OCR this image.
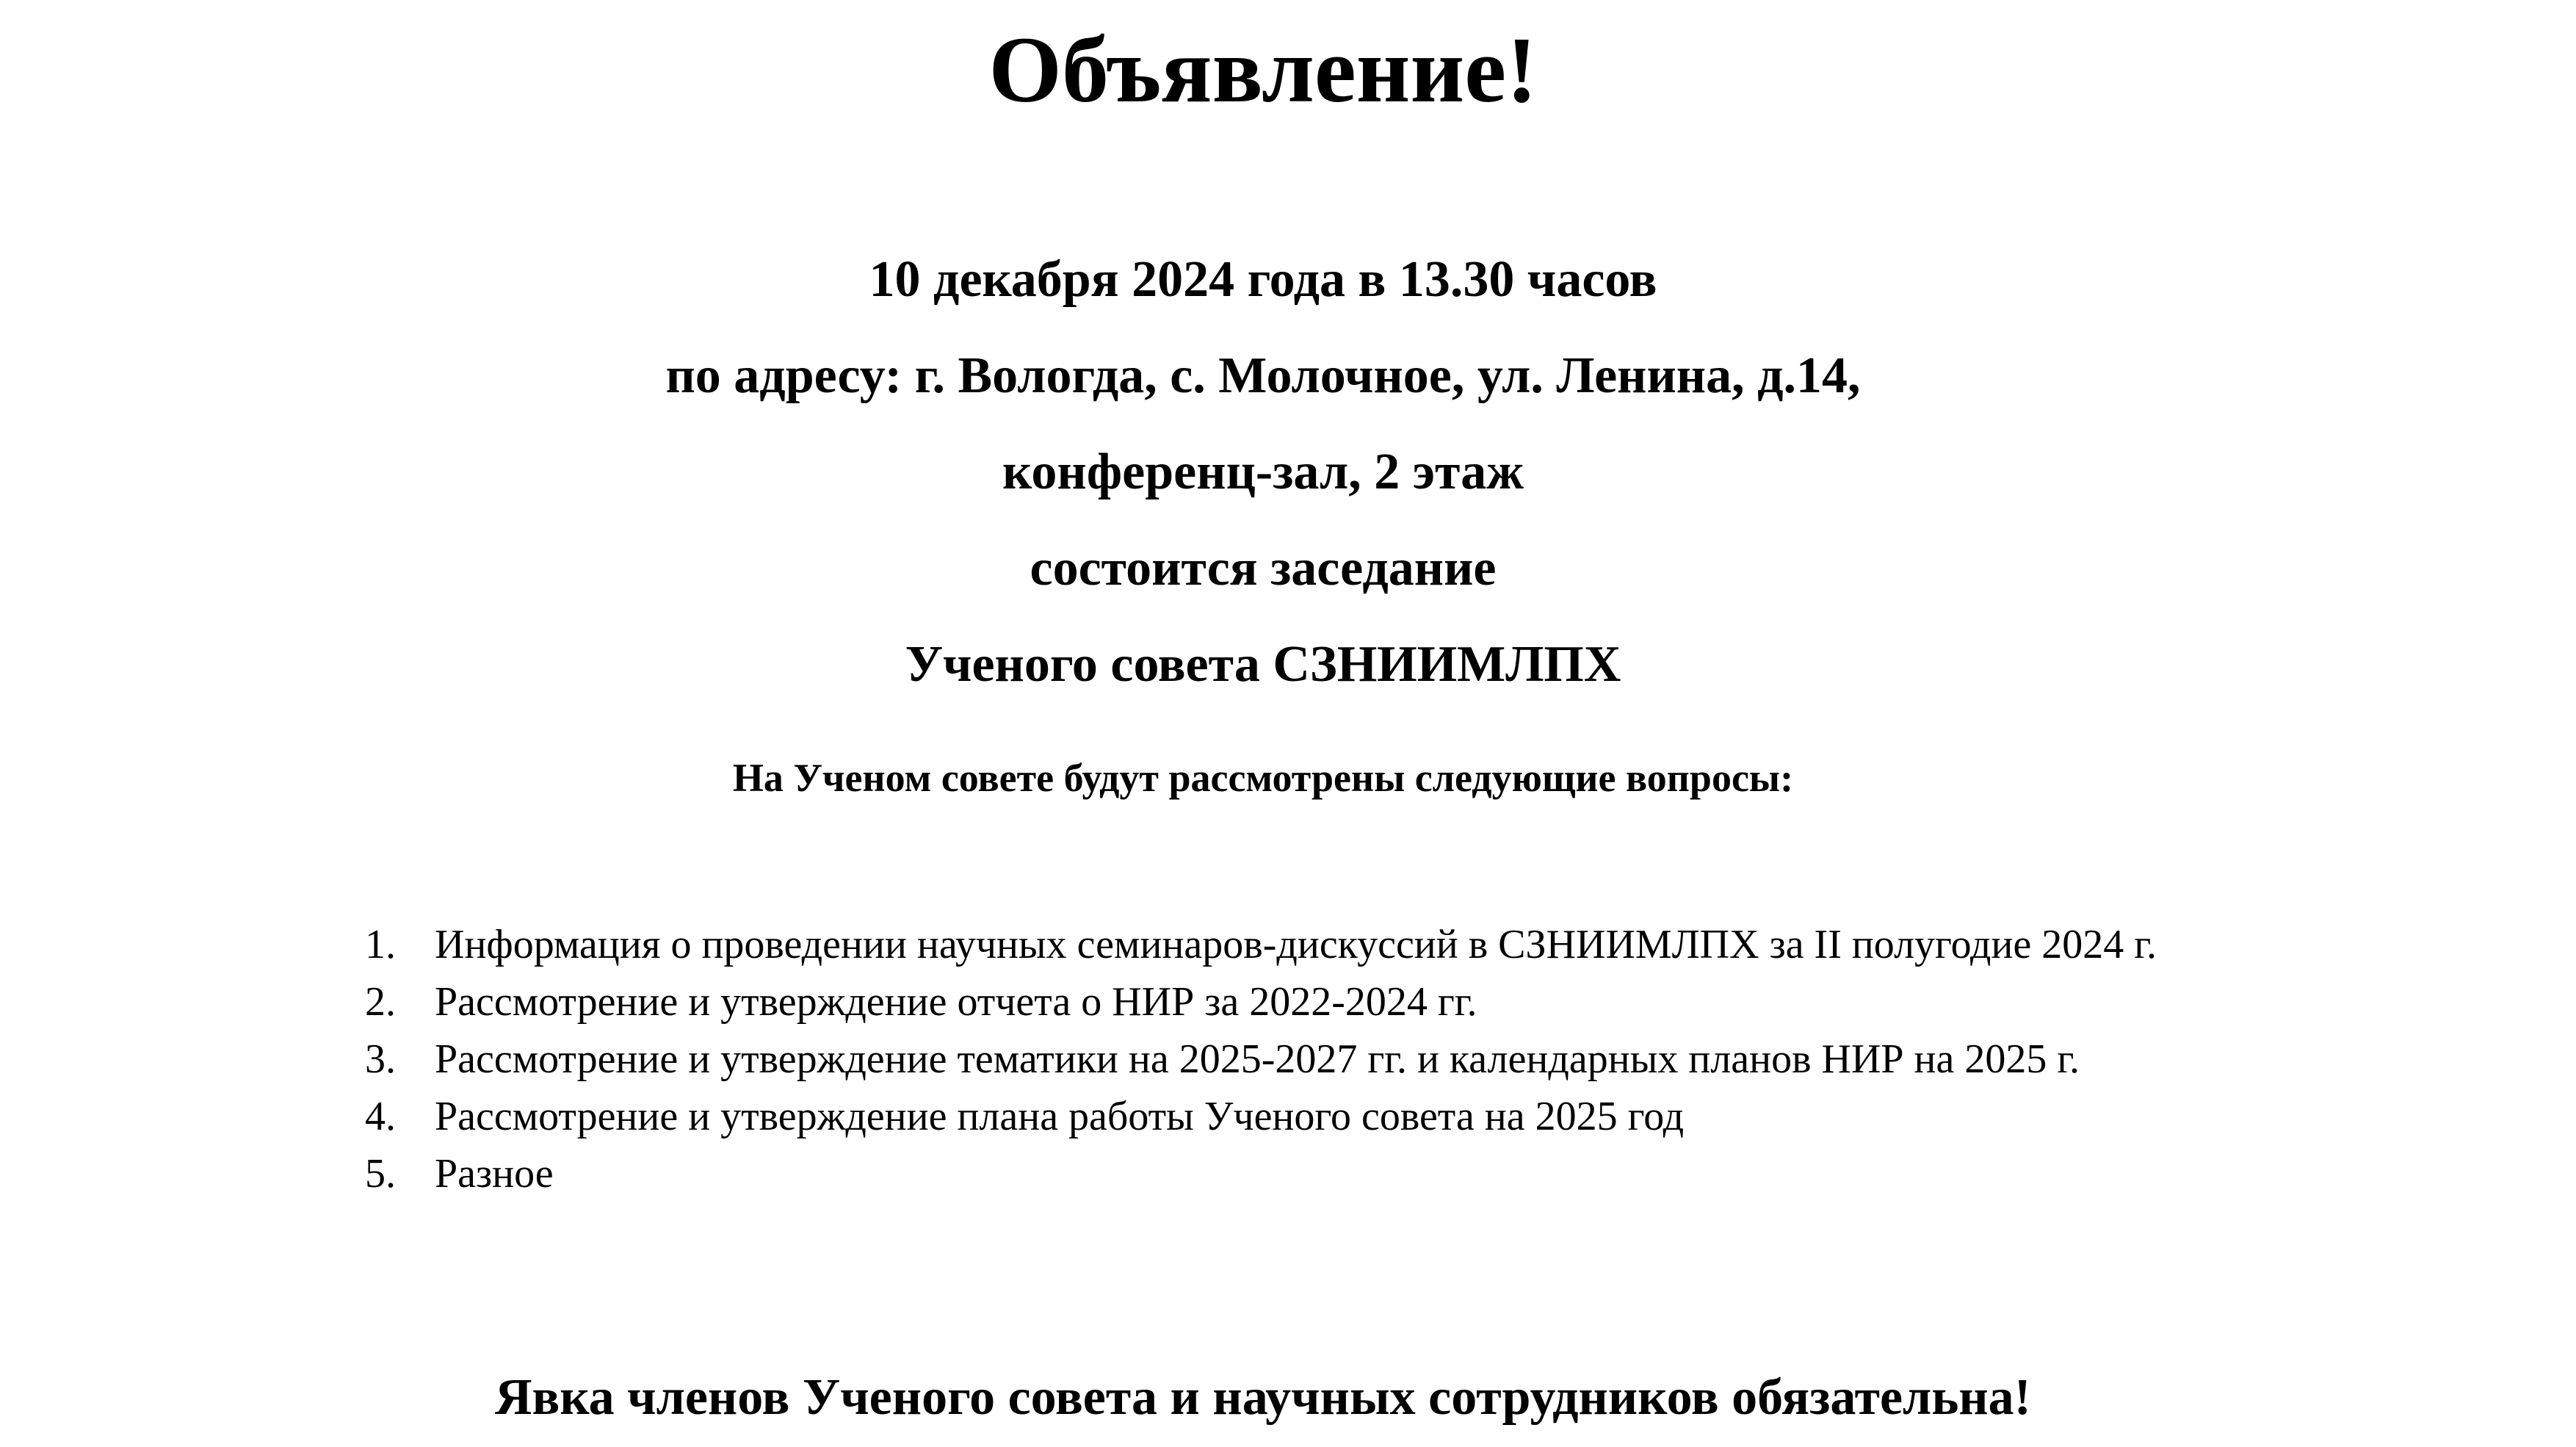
Объявление!
10 декабря 2024 года в 13.30 часов
по адресу: г. Вологда, с. Молочное, ул. Ленина, д.14,
конференц-зал, 2 этаж
состоится заседание
Ученого совета СЗНИИМЛПХ
На Ученом совете будут рассмотрены следующие вопросы:
1. Информация о проведении научных семинаров-дискуссий в СЗНИИМЛПХ за II полугодие 2024 г.
2. Рассмотрение и утверждение отчета о НИР за 2022-2024 гг.
3. Рассмотрение и утверждение тематики на 2025-2027 гг. и календарных планов НИР на 2025 г.
4. Рассмотрение и утверждение плана работы Ученого совета на 2025 год
5. Разное
Явка членов Ученого совета и научных сотрудников обязательна!
